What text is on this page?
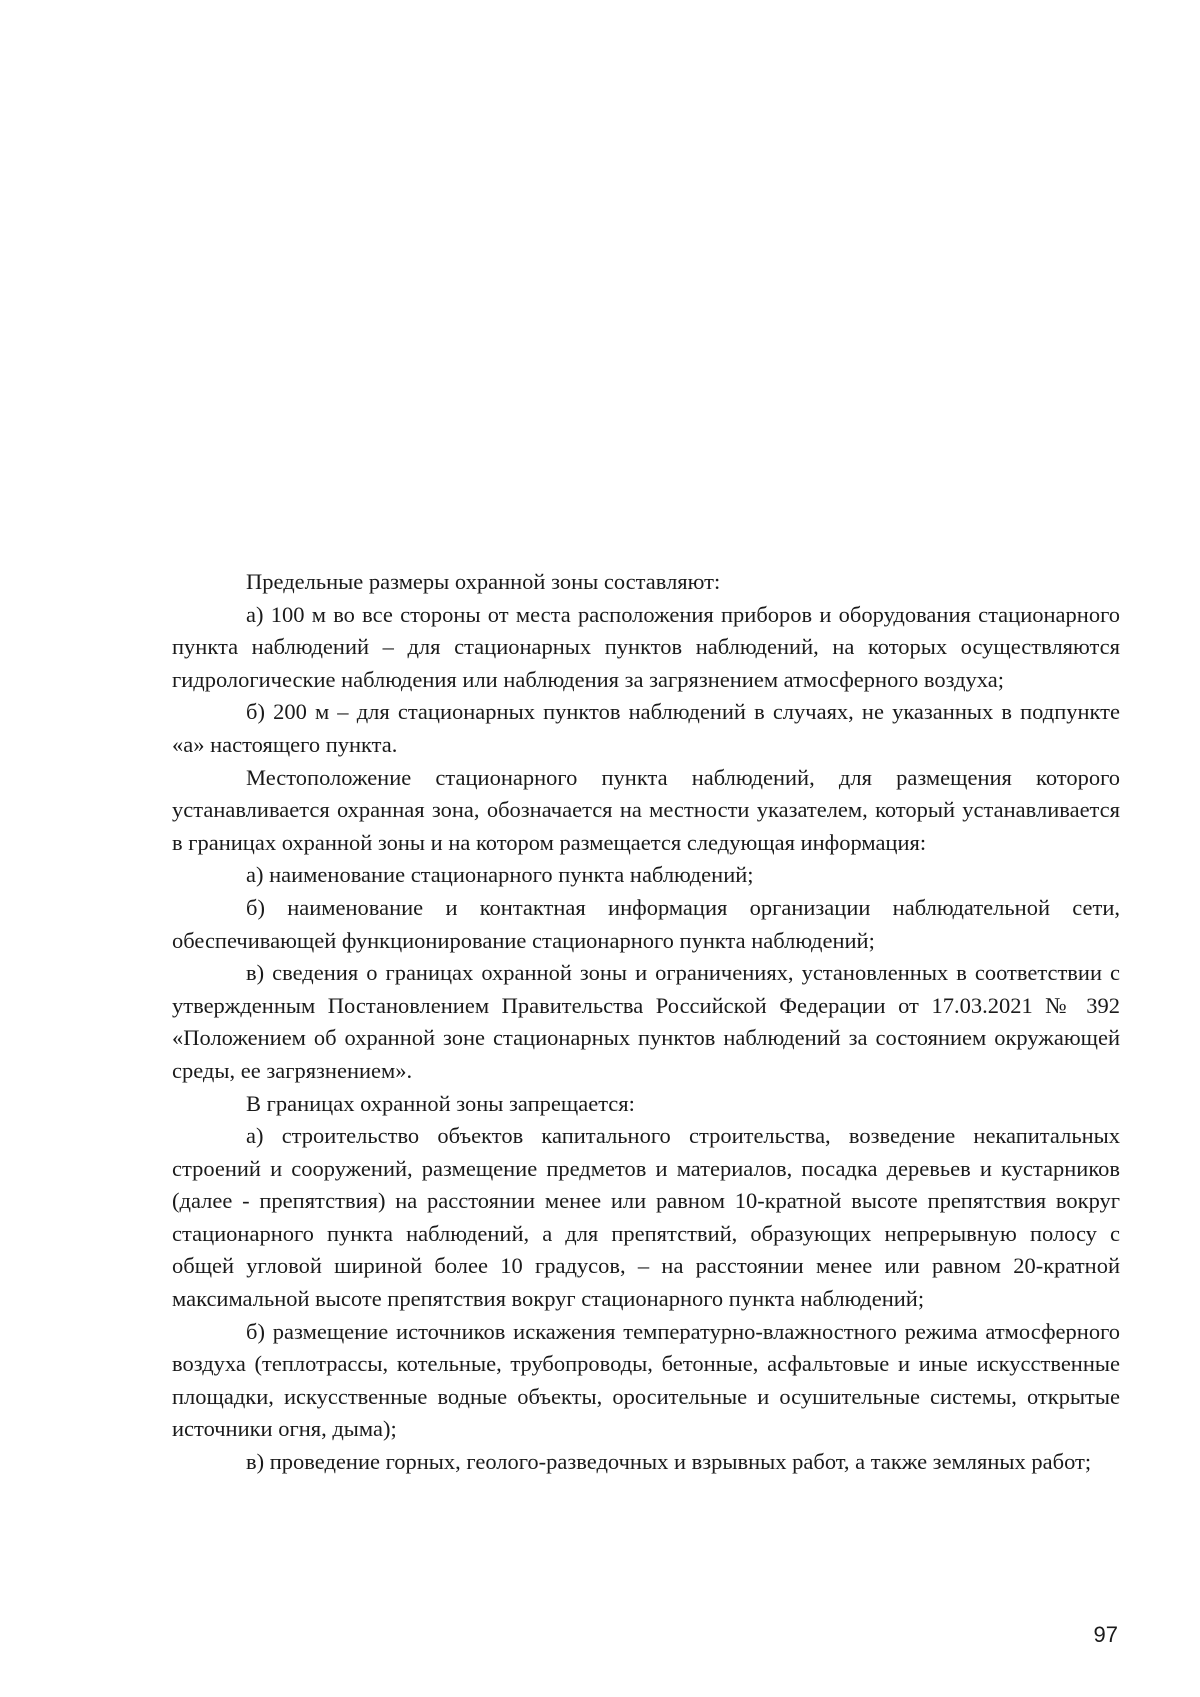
Предельные размеры охранной зоны составляют:

а) 100 м во все стороны от места расположения приборов и оборудования стационарного пункта наблюдений – для стационарных пунктов наблюдений, на которых осуществляются гидрологические наблюдения или наблюдения за загрязнением атмосферного воздуха;

б) 200 м – для стационарных пунктов наблюдений в случаях, не указанных в подпункте «а» настоящего пункта.

Местоположение стационарного пункта наблюдений, для размещения которого устанавливается охранная зона, обозначается на местности указателем, который устанавливается в границах охранной зоны и на котором размещается следующая информация:

а) наименование стационарного пункта наблюдений;

б) наименование и контактная информация организации наблюдательной сети, обеспечивающей функционирование стационарного пункта наблюдений;

в) сведения о границах охранной зоны и ограничениях, установленных в соответствии с утвержденным Постановлением Правительства Российской Федерации от 17.03.2021 № 392 «Положением об охранной зоне стационарных пунктов наблюдений за состоянием окружающей среды, ее загрязнением».

В границах охранной зоны запрещается:

а) строительство объектов капитального строительства, возведение некапитальных строений и сооружений, размещение предметов и материалов, посадка деревьев и кустарников (далее - препятствия) на расстоянии менее или равном 10-кратной высоте препятствия вокруг стационарного пункта наблюдений, а для препятствий, образующих непрерывную полосу с общей угловой шириной более 10 градусов, – на расстоянии менее или равном 20-кратной максимальной высоте препятствия вокруг стационарного пункта наблюдений;

б) размещение источников искажения температурно-влажностного режима атмосферного воздуха (теплотрассы, котельные, трубопроводы, бетонные, асфальтовые и иные искусственные площадки, искусственные водные объекты, оросительные и осушительные системы, открытые источники огня, дыма);

в) проведение горных, геолого-разведочных и взрывных работ, а также земляных работ;

97
